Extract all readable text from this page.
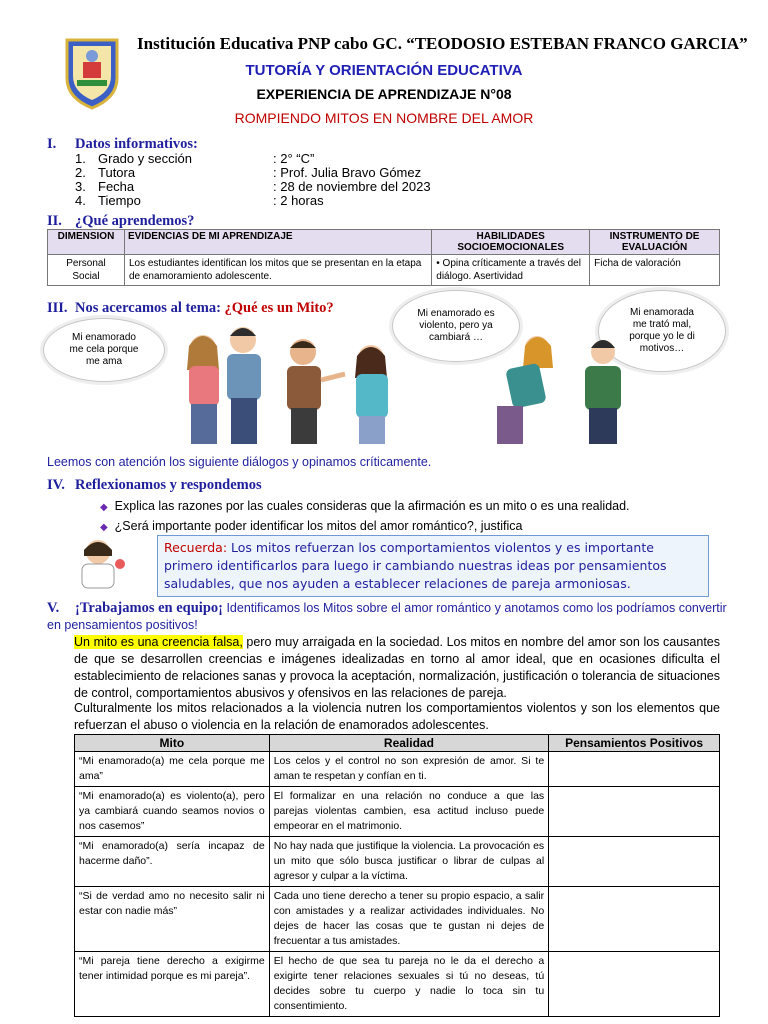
Institución Educativa PNP cabo GC. “TEODOSIO ESTEBAN FRANCO GARCIA”
TUTORÍA Y ORIENTACIÓN EDUCATIVA
EXPERIENCIA DE APRENDIZAJE N°08
ROMPIENDO MITOS EN NOMBRE DEL AMOR
I. Datos informativos:
1. Grado y sección	: 2° “C”
2. Tutora	: Prof. Julia Bravo Gómez
3. Fecha	: 28 de noviembre del 2023
4. Tiempo	: 2 horas
II. ¿Qué aprendemos?
DIMENSION	EVIDENCIAS DE MI APRENDIZAJE	HABILIDADES SOCIOEMOCIONALES	INSTRUMENTO DE EVALUACIÓN
Personal Social	Los estudiantes identifican los mitos que se presentan en la etapa de enamoramiento adolescente.	• Opina críticamente a través del diálogo. Asertividad	Ficha de valoración
III. Nos acercamos al tema: ¿Qué es un Mito?
Mi enamorado me cela porque me ama
Mi enamorado es violento, pero ya cambiará …
Mi enamorada me trató mal, porque yo le di motivos…
Leemos con atención los siguiente diálogos y opinamos críticamente.
IV. Reflexionamos y respondemos
◆ Explica las razones por las cuales consideras que la afirmación es un mito o es una realidad.
◆ ¿Será importante poder identificar los mitos del amor romántico?, justifica
Recuerda: Los mitos refuerzan los comportamientos violentos y es importante primero identificarlos para luego ir cambiando nuestras ideas por pensamientos saludables, que nos ayuden a establecer relaciones de pareja armoniosas.
V. ¡Trabajamos en equipo¡ Identificamos los Mitos sobre el amor romántico y anotamos como los podríamos convertir en pensamientos positivos!
Un mito es una creencia falsa, pero muy arraigada en la sociedad. Los mitos en nombre del amor son los causantes de que se desarrollen creencias e imágenes idealizadas en torno al amor ideal, que en ocasiones dificulta el establecimiento de relaciones sanas y provoca la aceptación, normalización, justificación o tolerancia de situaciones de control, comportamientos abusivos y ofensivos en las relaciones de pareja.
Culturalmente los mitos relacionados a la violencia nutren los comportamientos violentos y son los elementos que refuerzan el abuso o violencia en la relación de enamorados adolescentes.
Mito	Realidad	Pensamientos Positivos
“Mi enamorado(a) me cela porque me ama”	Los celos y el control no son expresión de amor. Si te aman te respetan y confían en ti.	
“Mi enamorado(a) es violento(a), pero ya cambiará cuando seamos novios o nos casemos”	El formalizar en una relación no conduce a que las parejas violentas cambien, esa actitud incluso puede empeorar en el matrimonio.	
“Mi enamorado(a) sería incapaz de hacerme daño”.	No hay nada que justifique la violencia. La provocación es un mito que sólo busca justificar o librar de culpas al agresor y culpar a la víctima.	
“Si de verdad amo no necesito salir ni estar con nadie más”	Cada uno tiene derecho a tener su propio espacio, a salir con amistades y a realizar actividades individuales. No dejes de hacer las cosas que te gustan ni dejes de frecuentar a tus amistades.	
“Mi pareja tiene derecho a exigirme tener intimidad porque es mi pareja”.	El hecho de que sea tu pareja no le da el derecho a exigirte tener relaciones sexuales si tú no deseas, tú decides sobre tu cuerpo y nadie lo toca sin tu consentimiento.	
